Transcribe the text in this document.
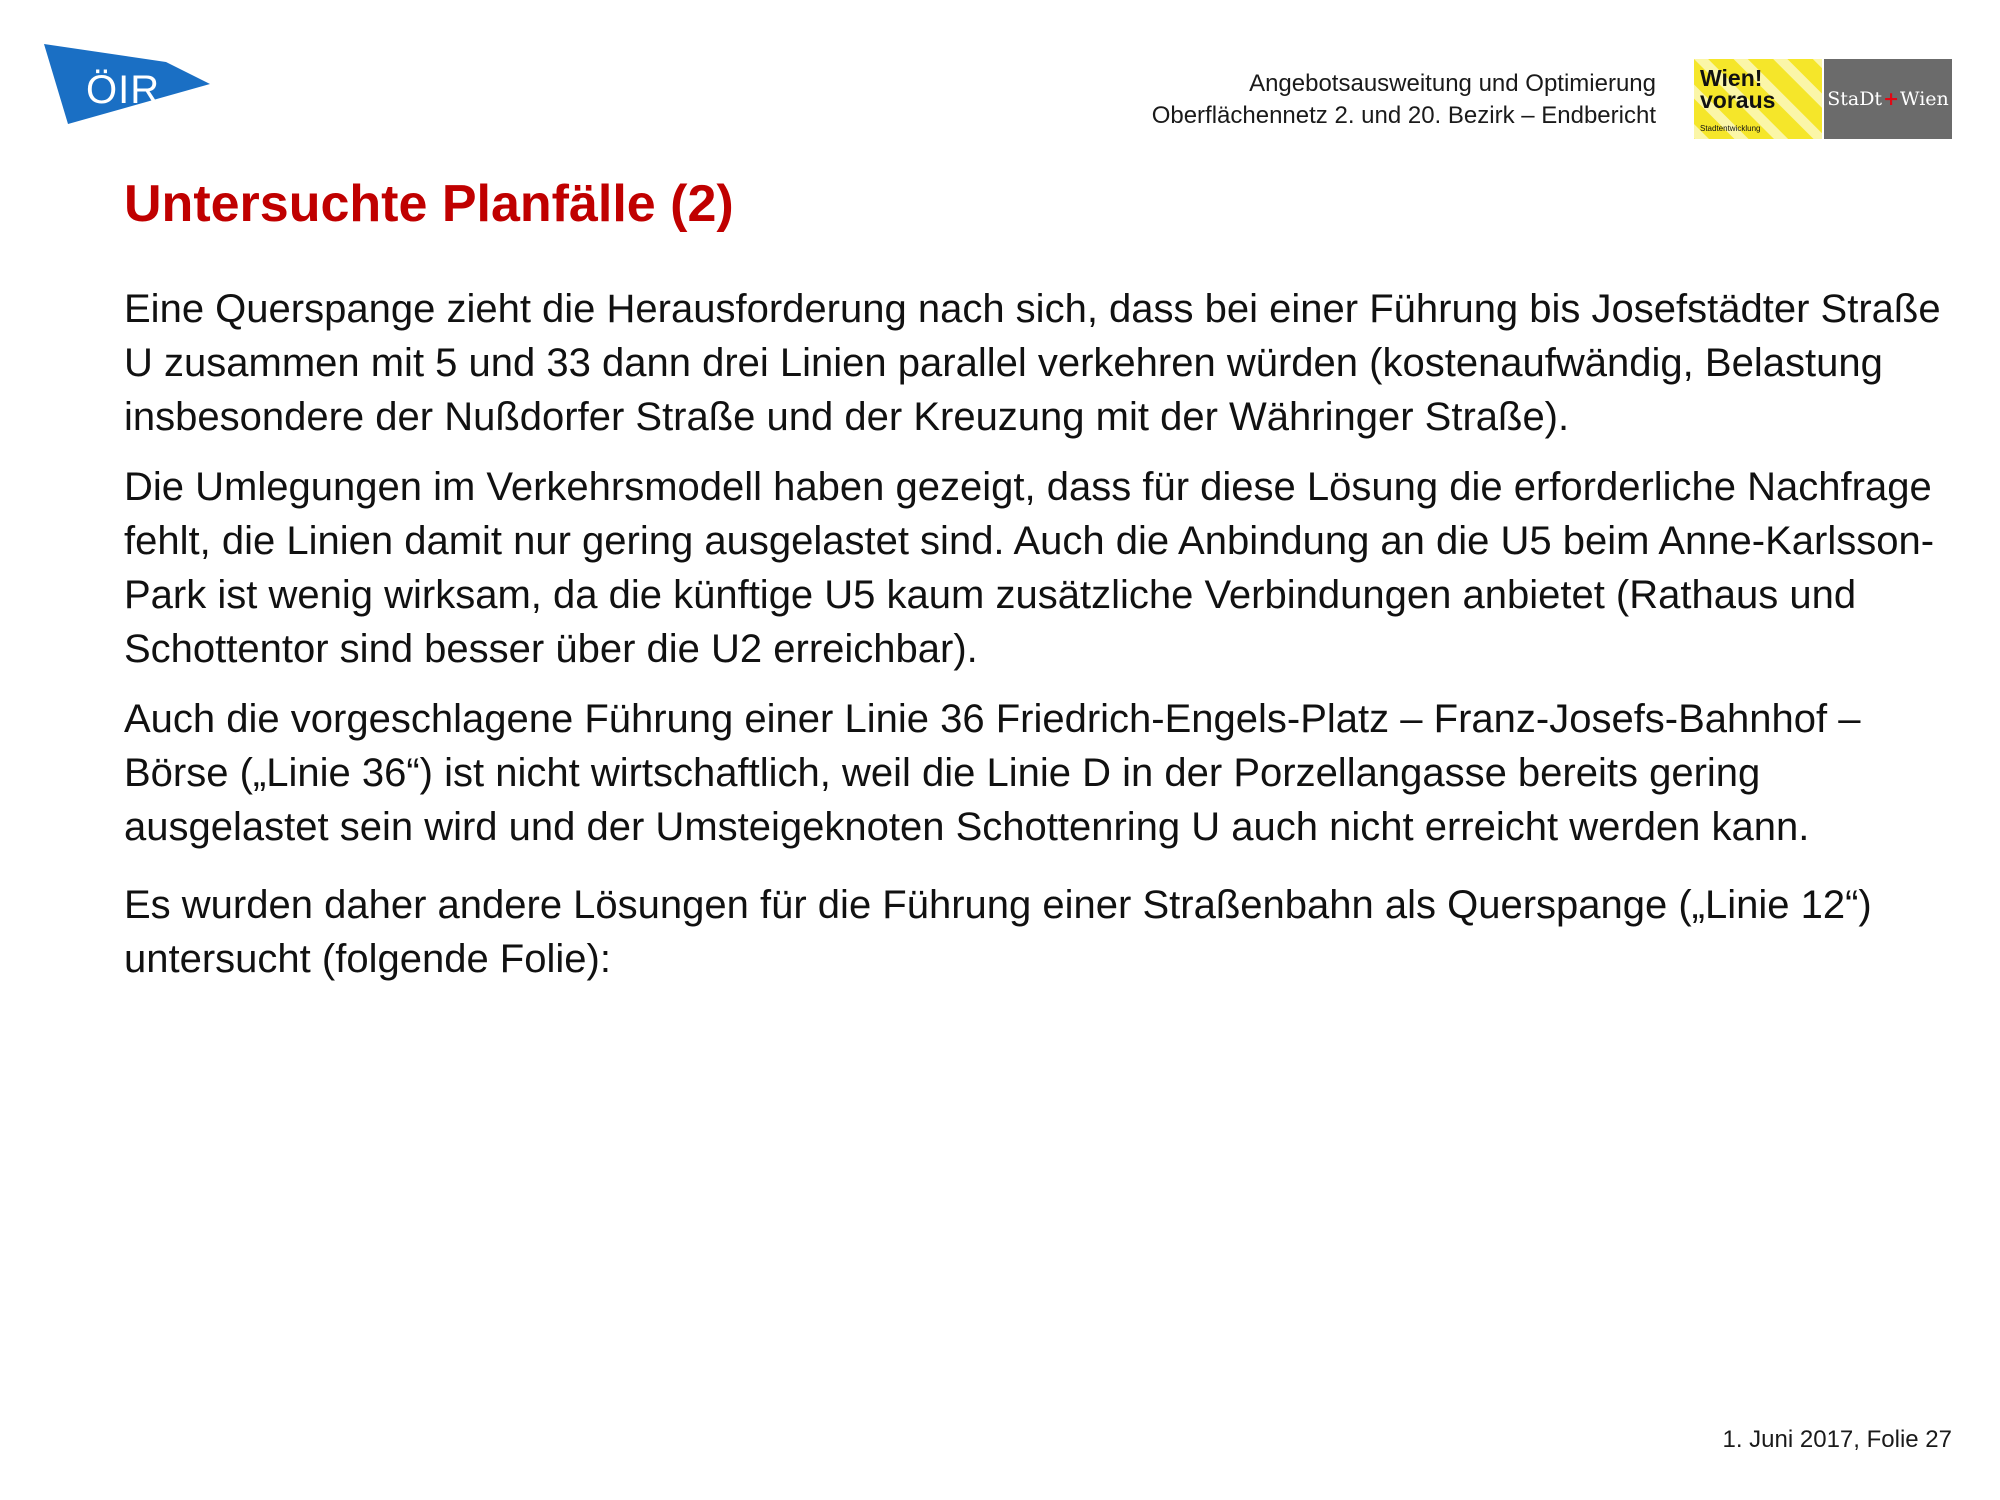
ÖIR	Angebotsausweitung und Optimierung
Oberflächennetz 2. und 20. Bezirk – Endbericht
Wien!
voraus
Stadtentwicklung
StaDt + Wien
Untersuchte Planfälle (2)

Eine Querspange zieht die Herausforderung nach sich, dass bei einer Führung bis Josefstädter Straße U zusammen mit 5 und 33 dann drei Linien parallel verkehren würden (kostenaufwändig, Belastung insbesondere der Nußdorfer Straße und der Kreuzung mit der Währinger Straße).

Die Umlegungen im Verkehrsmodell haben gezeigt, dass für diese Lösung die erforderliche Nachfrage fehlt, die Linien damit nur gering ausgelastet sind. Auch die Anbindung an die U5 beim Anne-Karlsson-Park ist wenig wirksam, da die künftige U5 kaum zusätzliche Verbindungen anbietet (Rathaus und Schottentor sind besser über die U2 erreichbar).

Auch die vorgeschlagene Führung einer Linie 36 Friedrich-Engels-Platz – Franz-Josefs-Bahnhof – Börse („Linie 36“) ist nicht wirtschaftlich, weil die Linie D in der Porzellangasse bereits gering ausgelastet sein wird und der Umsteigeknoten Schottenring U auch nicht erreicht werden kann.

Es wurden daher andere Lösungen für die Führung einer Straßenbahn als Querspange („Linie 12“) untersucht (folgende Folie):

1. Juni 2017, Folie 27
